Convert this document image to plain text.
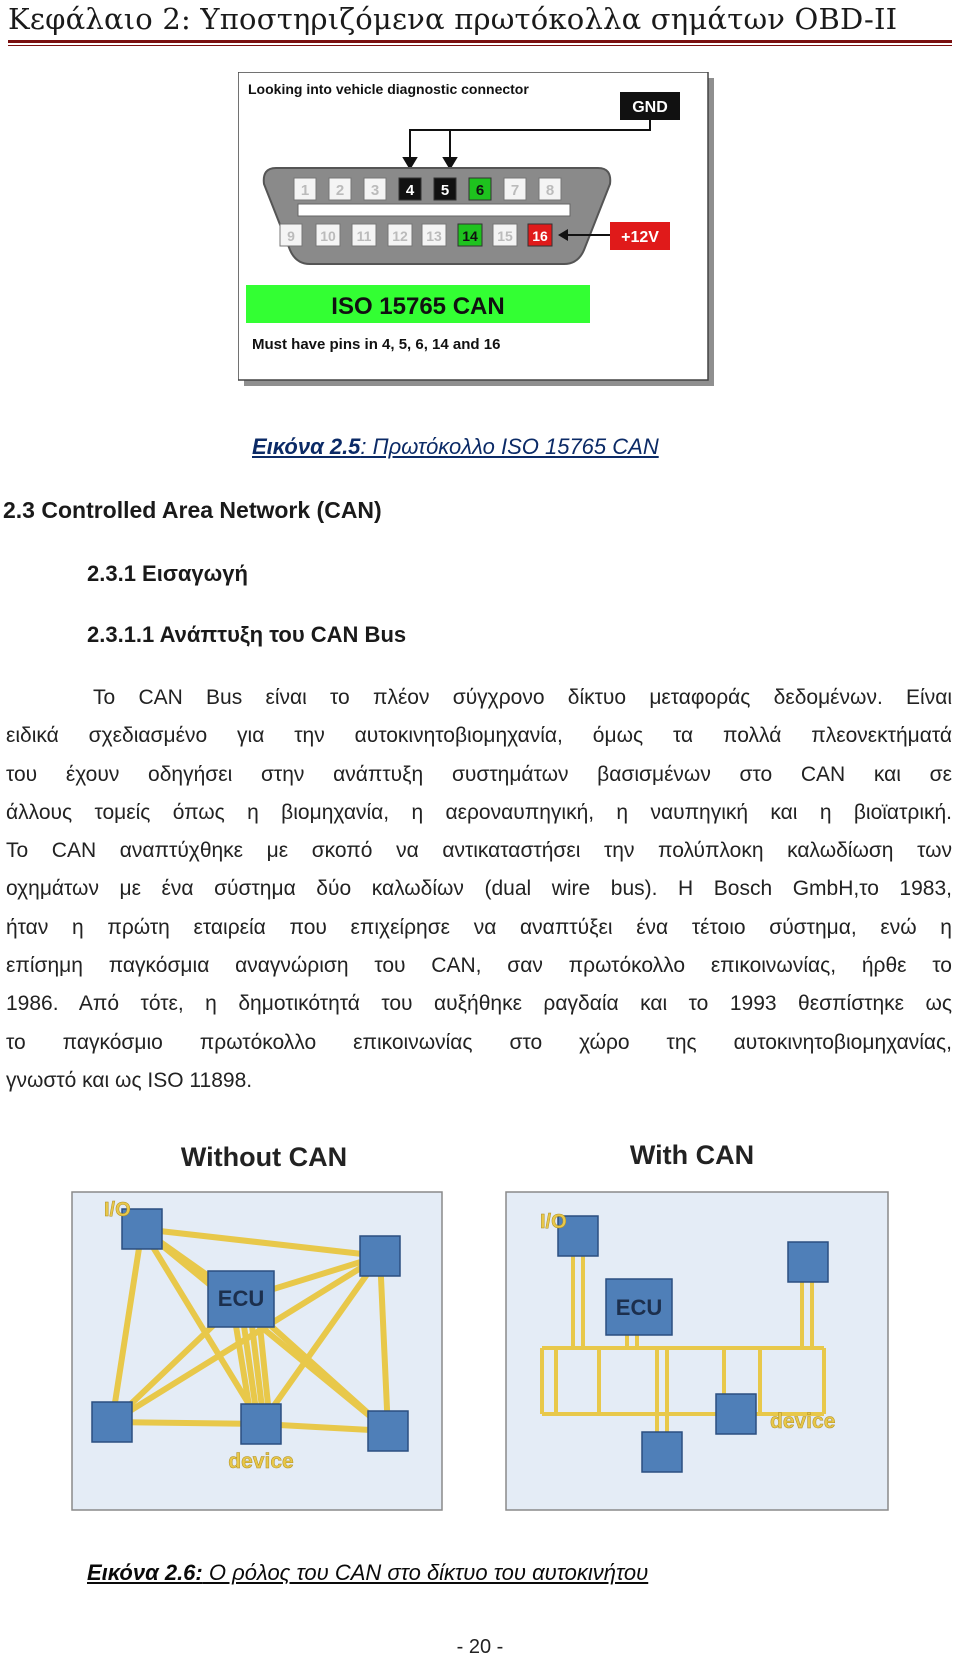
Κεφάλαιο 2: Υποστηριζόμενα πρωτόκολλα σημάτων OBD-II
Looking into vehicle diagnostic connector
GND
1 2 3 4 5 6 7 8
9 10 11 12 13 14 15 16	+12V
ISO 15765 CAN
Must have pins in 4, 5, 6, 14 and 16
Εικόνα 2.5: Πρωτόκολλο ISO 15765 CAN
2.3 Controlled Area Network (CAN)
2.3.1 Εισαγωγή
2.3.1.1 Ανάπτυξη του CAN Bus
Το CAN Bus είναι το πλέον σύγχρονο δίκτυο μεταφοράς δεδομένων. Είναι
ειδικά σχεδιασμένο για την αυτοκινητοβιομηχανία, όμως τα πολλά πλεονεκτήματά
του έχουν οδηγήσει στην ανάπτυξη συστημάτων βασισμένων στο CAN και σε
άλλους τομείς όπως η βιομηχανία, η αεροναυπηγική, η ναυπηγική και η βιοϊατρική.
Το CAN αναπτύχθηκε με σκοπό να αντικαταστήσει την πολύπλοκη καλωδίωση των
οχημάτων με ένα σύστημα δύο καλωδίων (dual wire bus). Η Bosch GmbH,το 1983,
ήταν η πρώτη εταιρεία που επιχείρησε να αναπτύξει ένα τέτοιο σύστημα, ενώ η
επίσημη παγκόσμια αναγνώριση του CAN, σαν πρωτόκολλο επικοινωνίας, ήρθε το
1986. Από τότε, η δημοτικότητά του αυξήθηκε ραγδαία και το 1993 θεσπίστηκε ως
το παγκόσμιο πρωτόκολλο επικοινωνίας στο χώρο της αυτοκινητοβιομηχανίας,
γνωστό και ως ISO 11898.
Without CAN	With CAN
I/O
ECU
device
I/O
ECU
device
Εικόνα 2.6: Ο ρόλος του CAN στο δίκτυο του αυτοκινήτου
- 20 -
